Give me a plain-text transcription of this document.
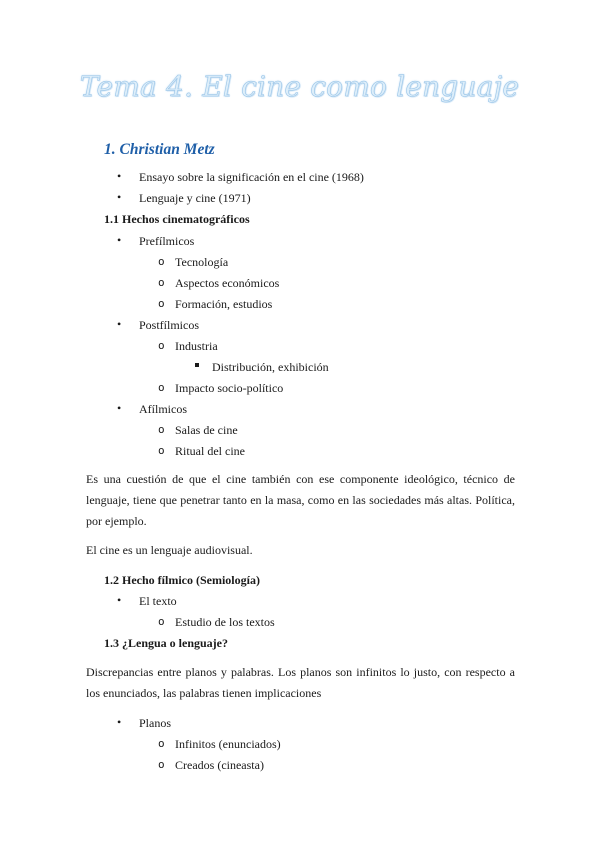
Tema 4. El cine como lenguaje
1. Christian Metz
• Ensayo sobre la significación en el cine (1968)
• Lenguaje y cine (1971)
1.1 Hechos cinematográficos
• Prefílmicos
o Tecnología
o Aspectos económicos
o Formación, estudios
• Postfílmicos
o Industria
Distribución, exhibición
o Impacto socio-político
• Afílmicos
o Salas de cine
o Ritual del cine
Es una cuestión de que el cine también con ese componente ideológico, técnico de lenguaje, tiene que penetrar tanto en la masa, como en las sociedades más altas. Política, por ejemplo.
El cine es un lenguaje audiovisual.
1.2 Hecho fílmico (Semiología)
• El texto
o Estudio de los textos
1.3 ¿Lengua o lenguaje?
Discrepancias entre planos y palabras. Los planos son infinitos lo justo, con respecto a los enunciados, las palabras tienen implicaciones
• Planos
o Infinitos (enunciados)
o Creados (cineasta)
